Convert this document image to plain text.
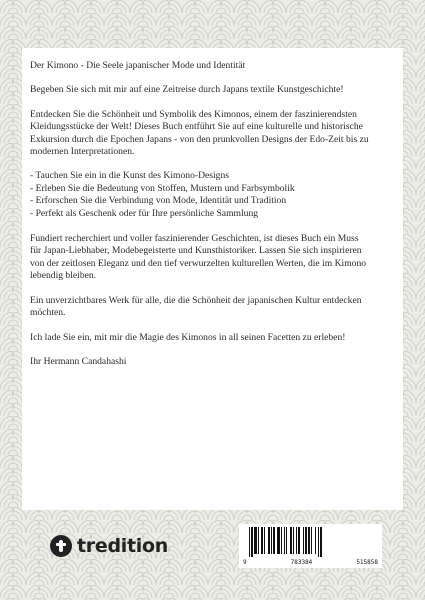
Der Kimono - Die Seele japanischer Mode und Identität

Begeben Sie sich mit mir auf eine Zeitreise durch Japans textile Kunstgeschichte!

Entdecken Sie die Schönheit und Symbolik des Kimonos, einem der faszinierendsten Kleidungsstücke der Welt! Dieses Buch entführt Sie auf eine kulturelle und historische Exkursion durch die Epochen Japans - von den prunkvollen Designs der Edo-Zeit bis zu modernen Interpretationen.

- Tauchen Sie ein in die Kunst des Kimono-Designs
- Erleben Sie die Bedeutung von Stoffen, Mustern und Farbsymbolik
- Erforschen Sie die Verbindung von Mode, Identität und Tradition
- Perfekt als Geschenk oder für Ihre persönliche Sammlung

Fundiert recherchiert und voller faszinierender Geschichten, ist dieses Buch ein Muss für Japan-Liebhaber, Modebegeisterte und Kunsthistoriker. Lassen Sie sich inspirieren von der zeitlosen Eleganz und den tief verwurzelten kulturellen Werten, die im Kimono lebendig bleiben.

Ein unverzichtbares Werk für alle, die die Schönheit der japanischen Kultur entdecken möchten.

Ich lade Sie ein, mit mir die Magie des Kimonos in all seinen Facetten zu erleben!

Ihr Hermann Candahashi

tredition
9	783384	515858
